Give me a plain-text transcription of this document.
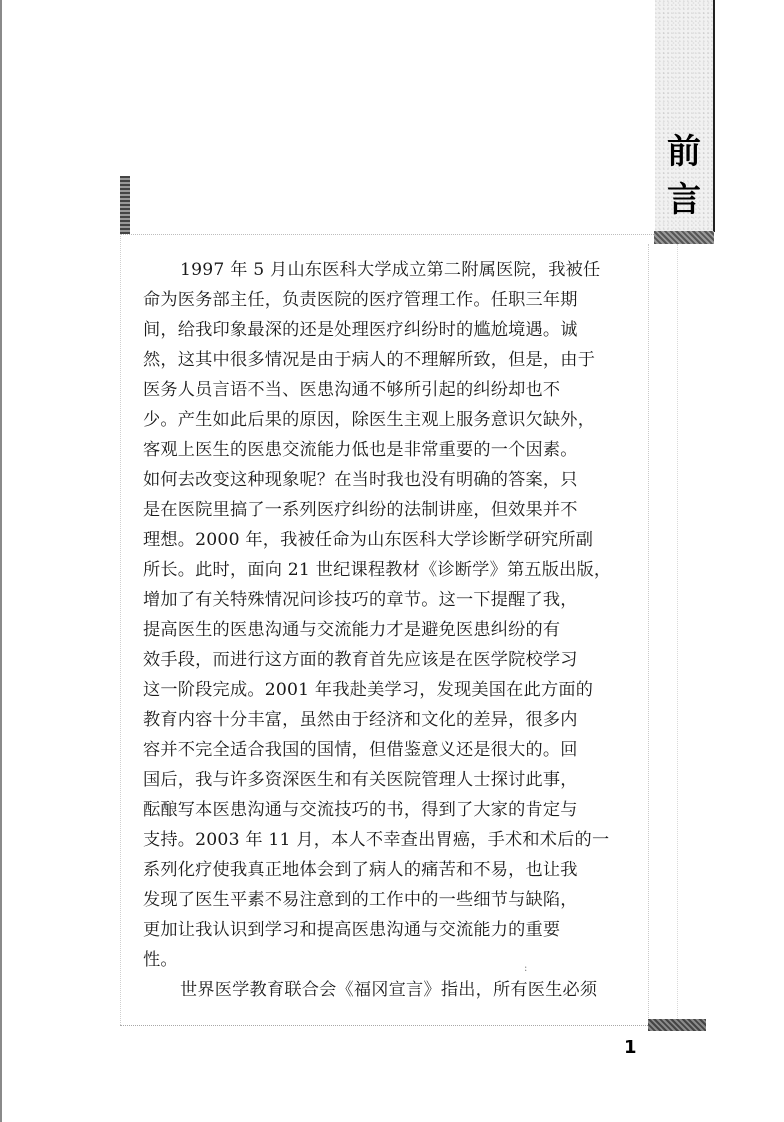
前
言
1997 年 5 月山东医科大学成立第二附属医院，我被任
命为医务部主任，负责医院的医疗管理工作。任职三年期
间，给我印象最深的还是处理医疗纠纷时的尴尬境遇。诚
然，这其中很多情况是由于病人的不理解所致，但是，由于
医务人员言语不当、医患沟通不够所引起的纠纷却也不
少。产生如此后果的原因，除医生主观上服务意识欠缺外，
客观上医生的医患交流能力低也是非常重要的一个因素。
如何去改变这种现象呢？在当时我也没有明确的答案，只
是在医院里搞了一系列医疗纠纷的法制讲座，但效果并不
理想。2000 年，我被任命为山东医科大学诊断学研究所副
所长。此时，面向 21 世纪课程教材《诊断学》第五版出版，
增加了有关特殊情况问诊技巧的章节。这一下提醒了我，
提高医生的医患沟通与交流能力才是避免医患纠纷的有
效手段，而进行这方面的教育首先应该是在医学院校学习
这一阶段完成。2001 年我赴美学习，发现美国在此方面的
教育内容十分丰富，虽然由于经济和文化的差异，很多内
容并不完全适合我国的国情，但借鉴意义还是很大的。回
国后，我与许多资深医生和有关医院管理人士探讨此事，
酝酿写本医患沟通与交流技巧的书，得到了大家的肯定与
支持。2003 年 11 月，本人不幸查出胃癌，手术和术后的一
系列化疗使我真正地体会到了病人的痛苦和不易，也让我
发现了医生平素不易注意到的工作中的一些细节与缺陷，
更加让我认识到学习和提高医患沟通与交流能力的重要
性。
世界医学教育联合会《福冈宣言》指出，所有医生必须
:
1
